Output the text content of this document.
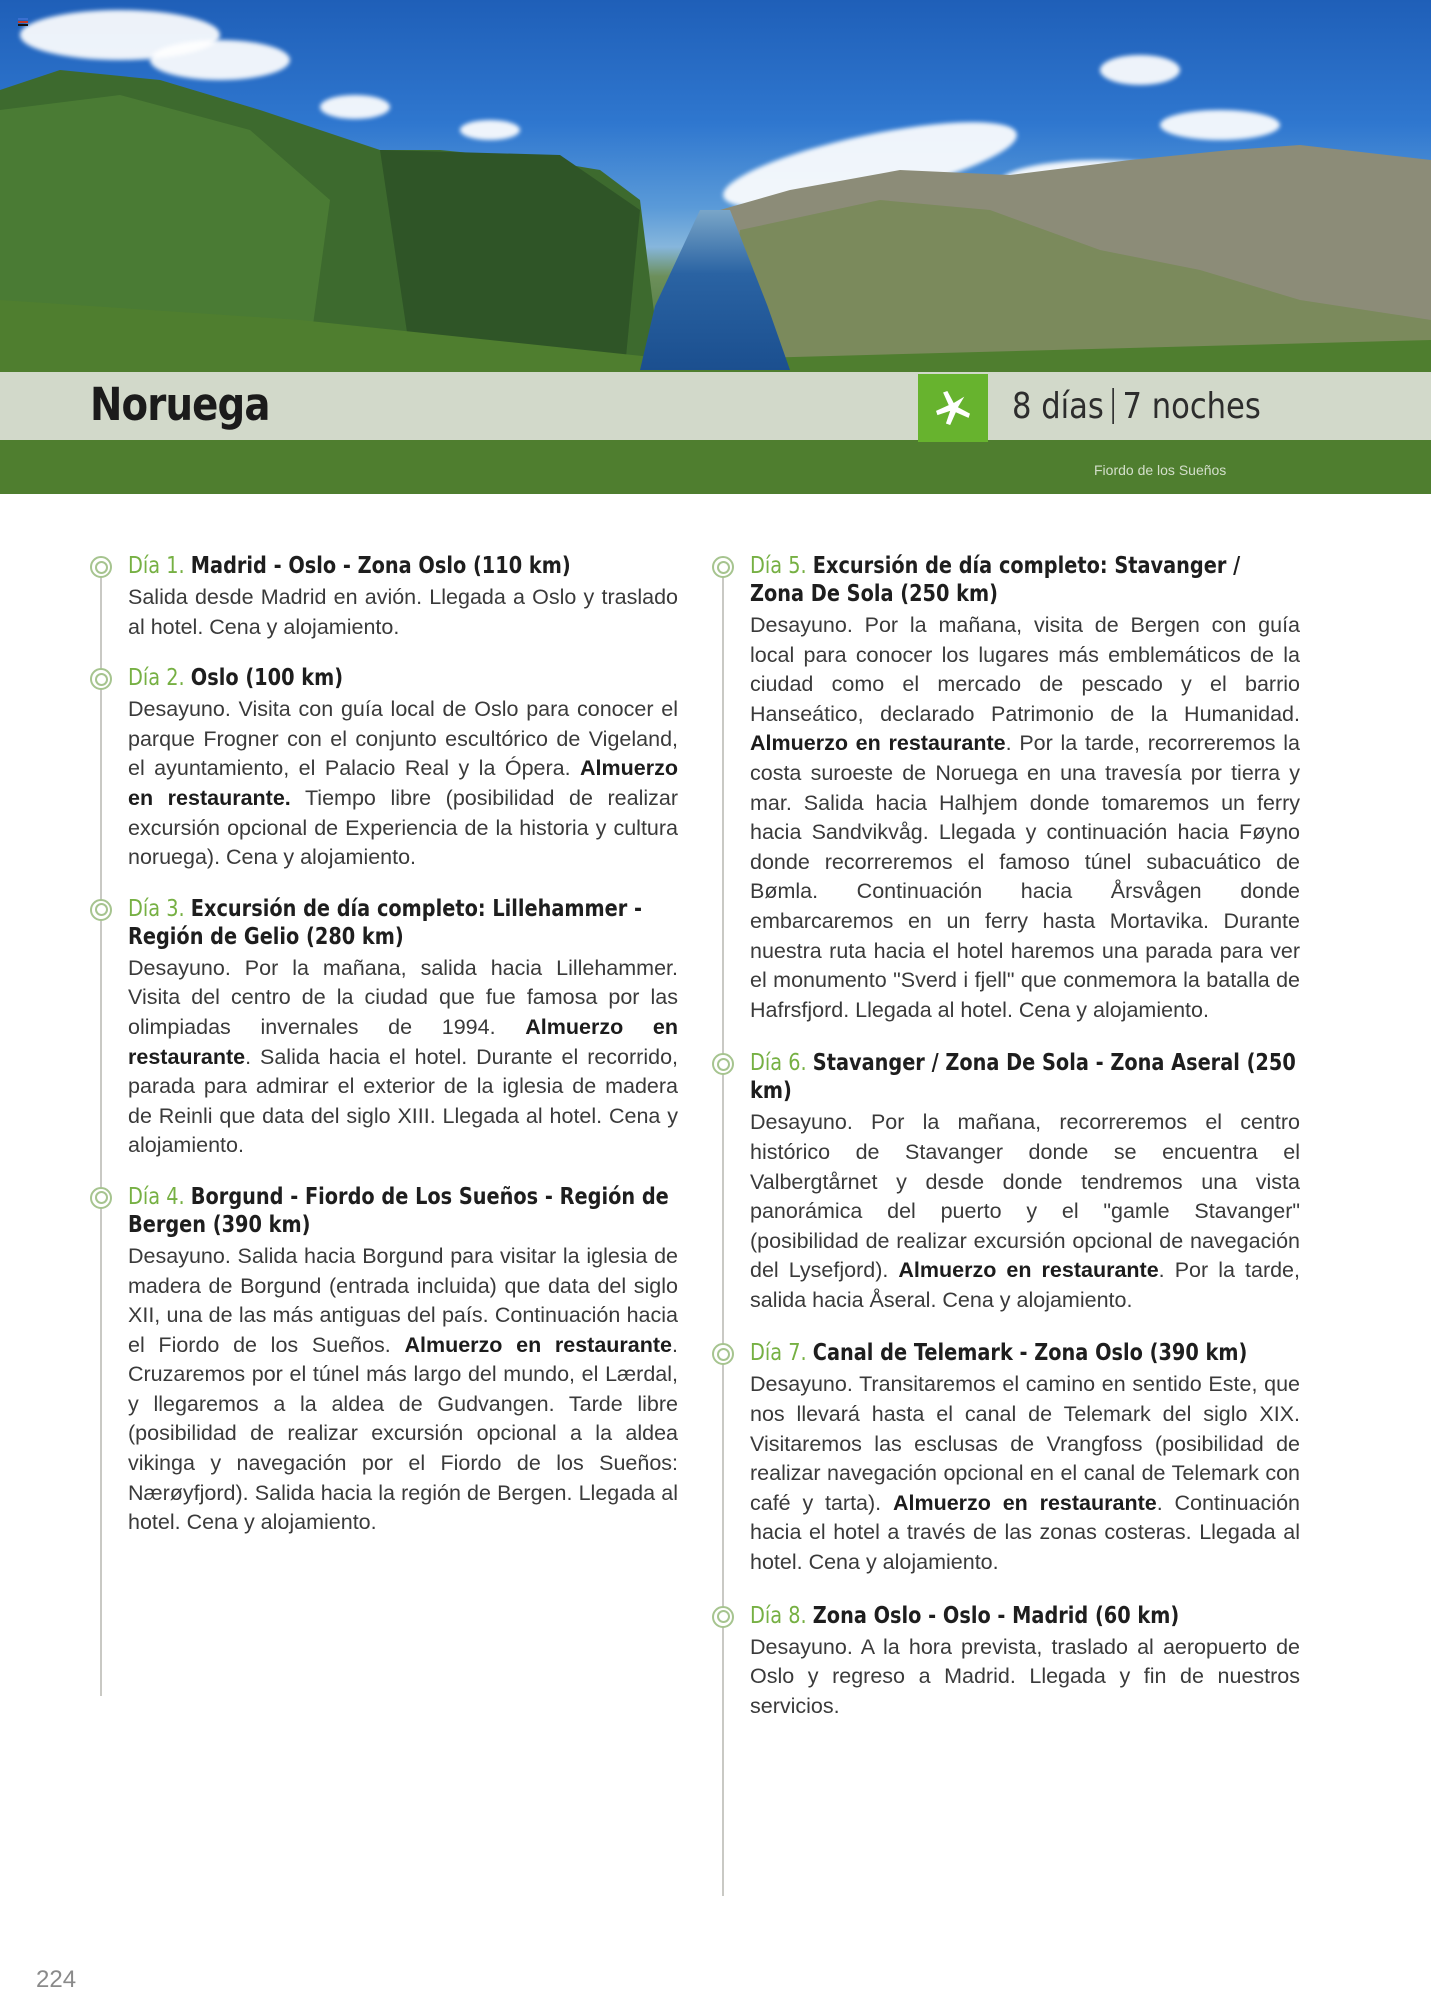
Noruega	8 días 7 noches
Fiordo de los Sueños
Día 1. Madrid - Oslo - Zona Oslo (110 km)
Salida desde Madrid en avión. Llegada a Oslo y traslado al hotel. Cena y alojamiento.
Día 2. Oslo (100 km)
Desayuno. Visita con guía local de Oslo para conocer el parque Frogner con el conjunto escultórico de Vigeland, el ayuntamiento, el Palacio Real y la Ópera. Almuerzo en restaurante. Tiempo libre (posibilidad de realizar excursión opcional de Experiencia de la historia y cultura noruega). Cena y alojamiento.
Día 3. Excursión de día completo: Lillehammer - Región de Gelio (280 km)
Desayuno. Por la mañana, salida hacia Lillehammer. Visita del centro de la ciudad que fue famosa por las olimpiadas invernales de 1994. Almuerzo en restaurante. Salida hacia el hotel. Durante el recorrido, parada para admirar el exterior de la iglesia de madera de Reinli que data del siglo XIII. Llegada al hotel. Cena y alojamiento.
Día 4. Borgund - Fiordo de Los Sueños - Región de Bergen (390 km)
Desayuno. Salida hacia Borgund para visitar la iglesia de madera de Borgund (entrada incluida) que data del siglo XII, una de las más antiguas del país. Continuación hacia el Fiordo de los Sueños. Almuerzo en restaurante. Cruzaremos por el túnel más largo del mundo, el Lærdal, y llegaremos a la aldea de Gudvangen. Tarde libre (posibilidad de realizar excursión opcional a la aldea vikinga y navegación por el Fiordo de los Sueños: Nærøyfjord). Salida hacia la región de Bergen. Llegada al hotel. Cena y alojamiento.
Día 5. Excursión de día completo: Stavanger / Zona De Sola (250 km)
Desayuno. Por la mañana, visita de Bergen con guía local para conocer los lugares más emblemáticos de la ciudad como el mercado de pescado y el barrio Hanseático, declarado Patrimonio de la Humanidad. Almuerzo en restaurante. Por la tarde, recorreremos la costa suroeste de Noruega en una travesía por tierra y mar. Salida hacia Halhjem donde tomaremos un ferry hacia Sandvikvåg. Llegada y continuación hacia Føyno donde recorreremos el famoso túnel subacuático de Bømla. Continuación hacia Årsvågen donde embarcaremos en un ferry hasta Mortavika. Durante nuestra ruta hacia el hotel haremos una parada para ver el monumento "Sverd i fjell" que conmemora la batalla de Hafrsfjord. Llegada al hotel. Cena y alojamiento.
Día 6. Stavanger / Zona De Sola - Zona Aseral (250 km)
Desayuno. Por la mañana, recorreremos el centro histórico de Stavanger donde se encuentra el Valbergtårnet y desde donde tendremos una vista panorámica del puerto y el "gamle Stavanger" (posibilidad de realizar excursión opcional de navegación del Lysefjord). Almuerzo en restaurante. Por la tarde, salida hacia Åseral. Cena y alojamiento.
Día 7. Canal de Telemark - Zona Oslo (390 km)
Desayuno. Transitaremos el camino en sentido Este, que nos llevará hasta el canal de Telemark del siglo XIX. Visitaremos las esclusas de Vrangfoss (posibilidad de realizar navegación opcional en el canal de Telemark con café y tarta). Almuerzo en restaurante. Continuación hacia el hotel a través de las zonas costeras. Llegada al hotel. Cena y alojamiento.
Día 8. Zona Oslo - Oslo - Madrid (60 km)
Desayuno. A la hora prevista, traslado al aeropuerto de Oslo y regreso a Madrid. Llegada y fin de nuestros servicios.
224
